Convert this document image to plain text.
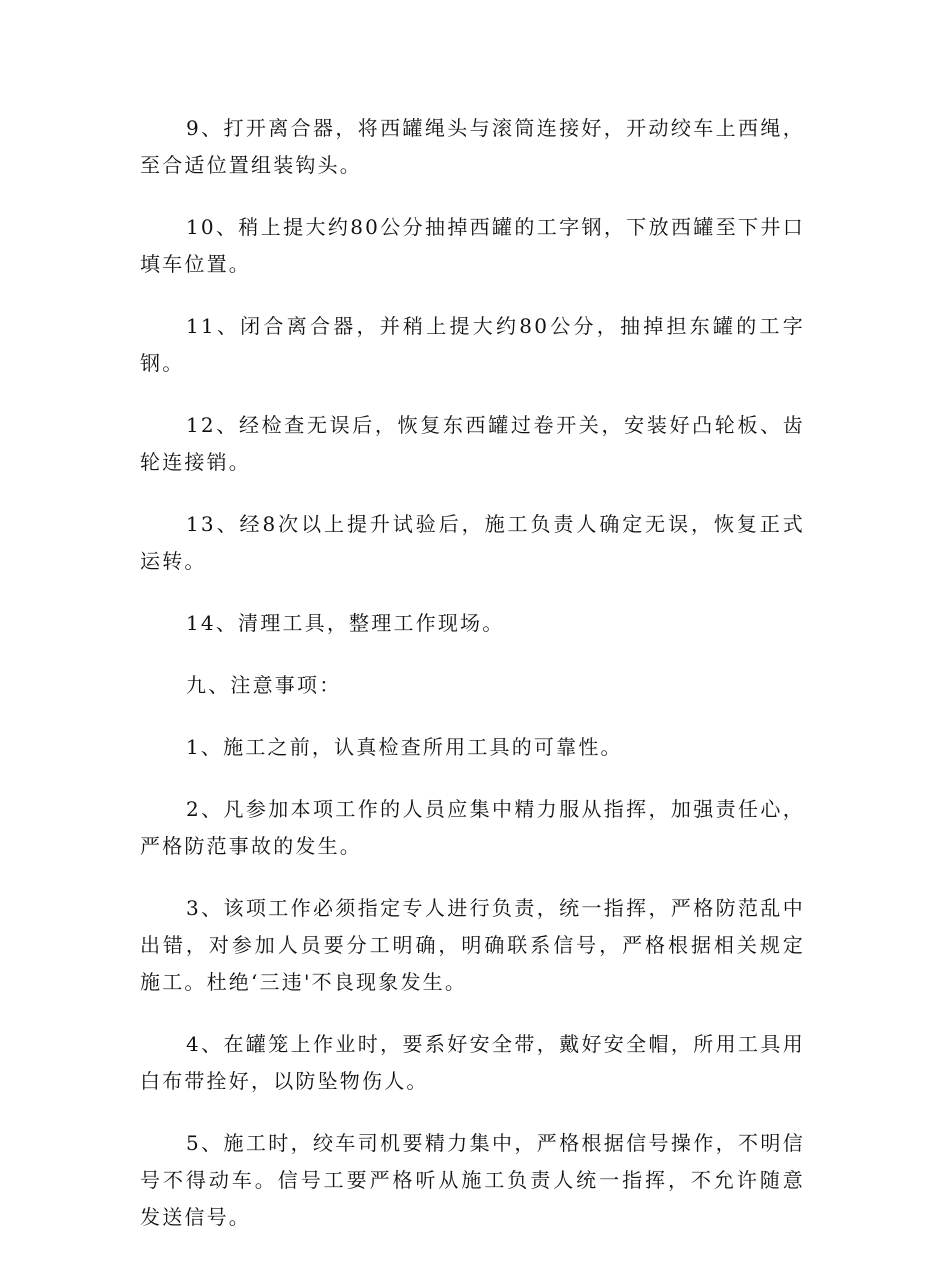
9、打开离合器，将西罐绳头与滚筒连接好，开动绞车上西绳，至合适位置组装钩头。

10、稍上提大约80公分抽掉西罐的工字钢，下放西罐至下井口填车位置。

11、闭合离合器，并稍上提大约80公分，抽掉担东罐的工字钢。

12、经检查无误后，恢复东西罐过卷开关，安装好凸轮板、齿轮连接销。

13、经8次以上提升试验后，施工负责人确定无误，恢复正式运转。

14、清理工具，整理工作现场。

九、注意事项：

1、施工之前，认真检查所用工具的可靠性。

2、凡参加本项工作的人员应集中精力服从指挥，加强责任心，严格防范事故的发生。

3、该项工作必须指定专人进行负责，统一指挥，严格防范乱中出错，对参加人员要分工明确，明确联系信号，严格根据相关规定施工。杜绝‘三违'不良现象发生。

4、在罐笼上作业时，要系好安全带，戴好安全帽，所用工具用白布带拴好，以防坠物伤人。

5、施工时，绞车司机要精力集中，严格根据信号操作，不明信号不得动车。信号工要严格听从施工负责人统一指挥，不允许随意发送信号。
